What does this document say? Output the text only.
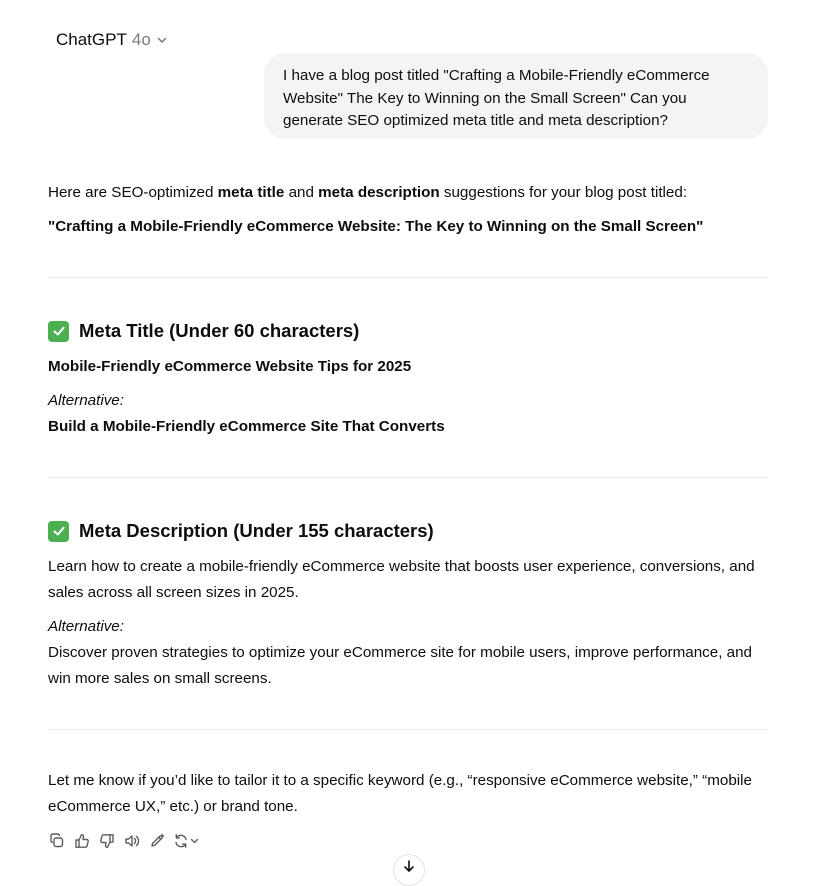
ChatGPT 4o
I have a blog post titled "Crafting a Mobile-Friendly eCommerce Website" The Key to Winning on the Small Screen" Can you generate SEO optimized meta title and meta description?
Here are SEO-optimized meta title and meta description suggestions for your blog post titled:
"Crafting a Mobile-Friendly eCommerce Website: The Key to Winning on the Small Screen"
Meta Title (Under 60 characters)
Mobile-Friendly eCommerce Website Tips for 2025
Alternative:
Build a Mobile-Friendly eCommerce Site That Converts
Meta Description (Under 155 characters)
Learn how to create a mobile-friendly eCommerce website that boosts user experience, conversions, and sales across all screen sizes in 2025.
Alternative:
Discover proven strategies to optimize your eCommerce site for mobile users, improve performance, and win more sales on small screens.
Let me know if you’d like to tailor it to a specific keyword (e.g., “responsive eCommerce website,” “mobile eCommerce UX,” etc.) or brand tone.
